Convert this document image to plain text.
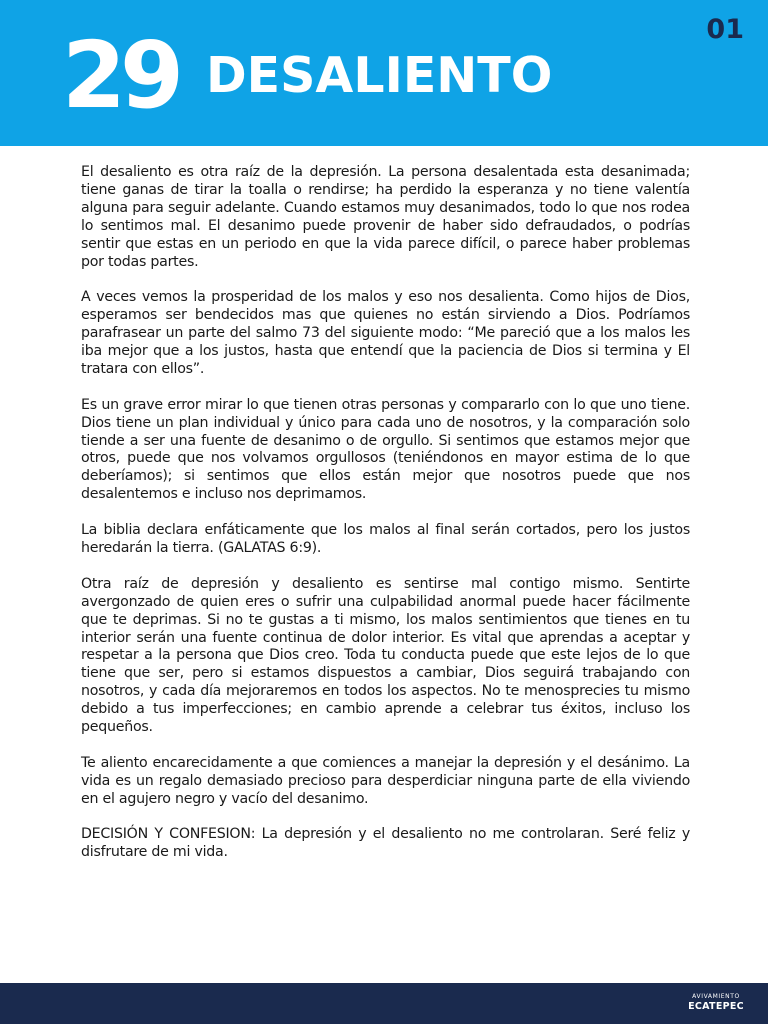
29 DESALIENTO
01

El desaliento es otra raíz de la depresión. La persona desalentada esta desanimada; tiene ganas de tirar la toalla o rendirse; ha perdido la esperanza y no tiene valentía alguna para seguir adelante. Cuando estamos muy desanimados, todo lo que nos rodea lo sentimos mal. El desanimo puede provenir de haber sido defraudados, o podrías sentir que estas en un periodo en que la vida parece difícil, o parece haber problemas por todas partes.

A veces vemos la prosperidad de los malos y eso nos desalienta. Como hijos de Dios, esperamos ser bendecidos mas que quienes no están sirviendo a Dios. Podríamos parafrasear un parte del salmo 73 del siguiente modo: “Me pareció que a los malos les iba mejor que a los justos, hasta que entendí que la paciencia de Dios si termina y El tratara con ellos”.

Es un grave error mirar lo que tienen otras personas y compararlo con lo que uno tiene. Dios tiene un plan individual y único para cada uno de nosotros, y la comparación solo tiende a ser una fuente de desanimo o de orgullo. Si sentimos que estamos mejor que otros, puede que nos volvamos orgullosos (teniéndonos en mayor estima de lo que deberíamos); si sentimos que ellos están mejor que nosotros puede que nos desalentemos e incluso nos deprimamos.

La biblia declara enfáticamente que los malos al final serán cortados, pero los justos heredarán la tierra. (GALATAS 6:9).

Otra raíz de depresión y desaliento es sentirse mal contigo mismo. Sentirte avergonzado de quien eres o sufrir una culpabilidad anormal puede hacer fácilmente que te deprimas. Si no te gustas a ti mismo, los malos sentimientos que tienes en tu interior serán una fuente continua de dolor interior. Es vital que aprendas a aceptar y respetar a la persona que Dios creo. Toda tu conducta puede que este lejos de lo que tiene que ser, pero si estamos dispuestos a cambiar, Dios seguirá trabajando con nosotros, y cada día mejoraremos en todos los aspectos. No te menosprecies tu mismo debido a tus imperfecciones; en cambio aprende a celebrar tus éxitos, incluso los pequeños.

Te aliento encarecidamente a que comiences a manejar la depresión y el desánimo. La vida es un regalo demasiado precioso para desperdiciar ninguna parte de ella viviendo en el agujero negro y vacío del desanimo.

DECISIÓN Y CONFESION: La depresión y el desaliento no me controlaran. Seré feliz y disfrutare de mi vida.

AVIVAMIENTO
ECATEPEC
